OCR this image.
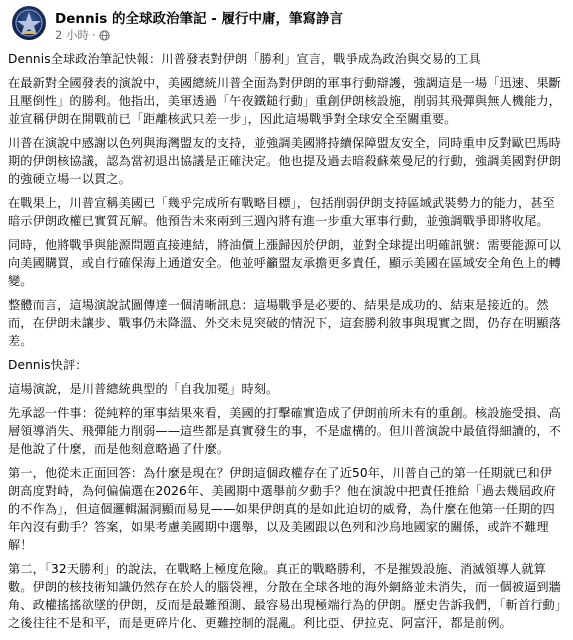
Dennis 的全球政治筆記 - 履行中庸，筆寫諍言
2 小時 ·

Dennis全球政治筆記快報：川普發表對伊朗「勝利」宣言，戰爭成為政治與交易的工具

在最新對全國發表的演說中，美國總統川普全面為對伊朗的軍事行動辯護，強調這是一場「迅速、果斷且壓倒性」的勝利。他指出，美軍透過「午夜鐵鎚行動」重創伊朗核設施，削弱其飛彈與無人機能力，並宣稱伊朗在開戰前已「距離核武只差一步」，因此這場戰爭對全球安全至關重要。

川普在演說中感謝以色列與海灣盟友的支持，並強調美國將持續保障盟友安全，同時重申反對歐巴馬時期的伊朗核協議，認為當初退出協議是正確決定。他也提及過去暗殺蘇萊曼尼的行動，強調美國對伊朗的強硬立場一以貫之。

在戰果上，川普宣稱美國已「幾乎完成所有戰略目標」，包括削弱伊朗支持區域武裝勢力的能力，甚至暗示伊朗政權已實質瓦解。他預告未來兩到三週內將有進一步重大軍事行動，並強調戰爭即將收尾。

同時，他將戰爭與能源問題直接連結，將油價上漲歸因於伊朗，並對全球提出明確訊號：需要能源可以向美國購買，或自行確保海上通道安全。他並呼籲盟友承擔更多責任，顯示美國在區域安全角色上的轉變。

整體而言，這場演說試圖傳達一個清晰訊息：這場戰爭是必要的、結果是成功的、結束是接近的。然而，在伊朗未讓步、戰事仍未降溫、外交未見突破的情況下，這套勝利敘事與現實之間，仍存在明顯落差。

Dennis快評：

這場演說，是川普總統典型的「自我加冕」時刻。

先承認一件事：從純粹的軍事結果來看，美國的打擊確實造成了伊朗前所未有的重創。核設施受損、高層領導消失、飛彈能力削弱——這些都是真實發生的事，不是虛構的。但川普演說中最值得細讀的，不是他說了什麼，而是他刻意略過了什麼。

第一，他從未正面回答：為什麼是現在？伊朗這個政權存在了近50年，川普自己的第一任期就已和伊朗高度對峙，為何偏偏選在2026年、美國期中選舉前夕動手？他在演說中把責任推給「過去幾屆政府的不作為」，但這個邏輯漏洞顯而易見——如果伊朗真的是如此迫切的威脅，為什麼在他第一任期的四年內沒有動手？答案，如果考慮美國期中選舉，以及美國跟以色列和沙烏地國家的關係，或許不難理解！

第二，「32天勝利」的說法，在戰略上極度危險。真正的戰略勝利，不是摧毀設施、消滅領導人就算數。伊朗的核技術知識仍然存在於人的腦袋裡，分散在全球各地的海外網絡並未消失，而一個被逼到牆角、政權搖搖欲墜的伊朗，反而是最難預測、最容易出現極端行為的伊朗。歷史告訴我們，「斬首行動」之後往往不是和平，而是更碎片化、更難控制的混亂。利比亞、伊拉克、阿富汗，都是前例。
